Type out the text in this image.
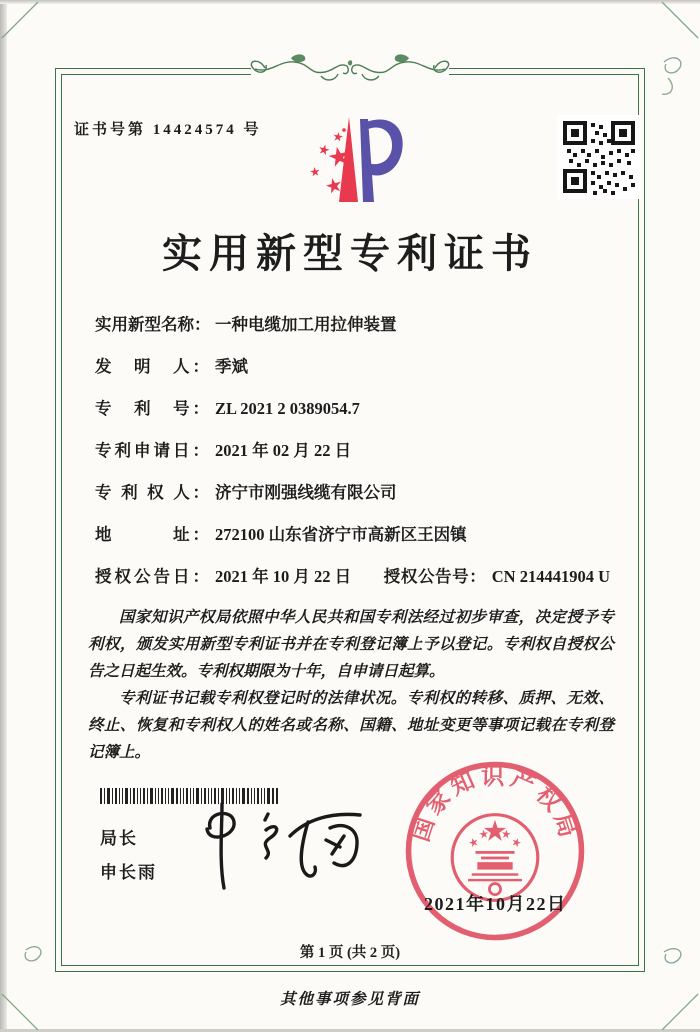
证书号第 14424574 号
实用新型专利证书
实用新型名称： 一种电缆加工用拉伸装置
发　明　人： 季斌
专　利　号： ZL 2021 2 0389054.7
专利申请日： 2021 年 02 月 22 日
专 利 权 人： 济宁市刚强线缆有限公司
地　　　址： 272100 山东省济宁市高新区王因镇
授权公告日： 2021 年 10 月 22 日 授权公告号： CN 214441904 U

国家知识产权局依照中华人民共和国专利法经过初步审查，决定授予专利权，颁发实用新型专利证书并在专利登记簿上予以登记。专利权自授权公告之日起生效。专利权期限为十年，自申请日起算。

专利证书记载专利权登记时的法律状况。专利权的转移、质押、无效、终止、恢复和专利权人的姓名或名称、国籍、地址变更等事项记载在专利登记簿上。

局长
申长雨
国家知识产权局
2021年10月22日
第 1 页 (共 2 页)
其他事项参见背面
